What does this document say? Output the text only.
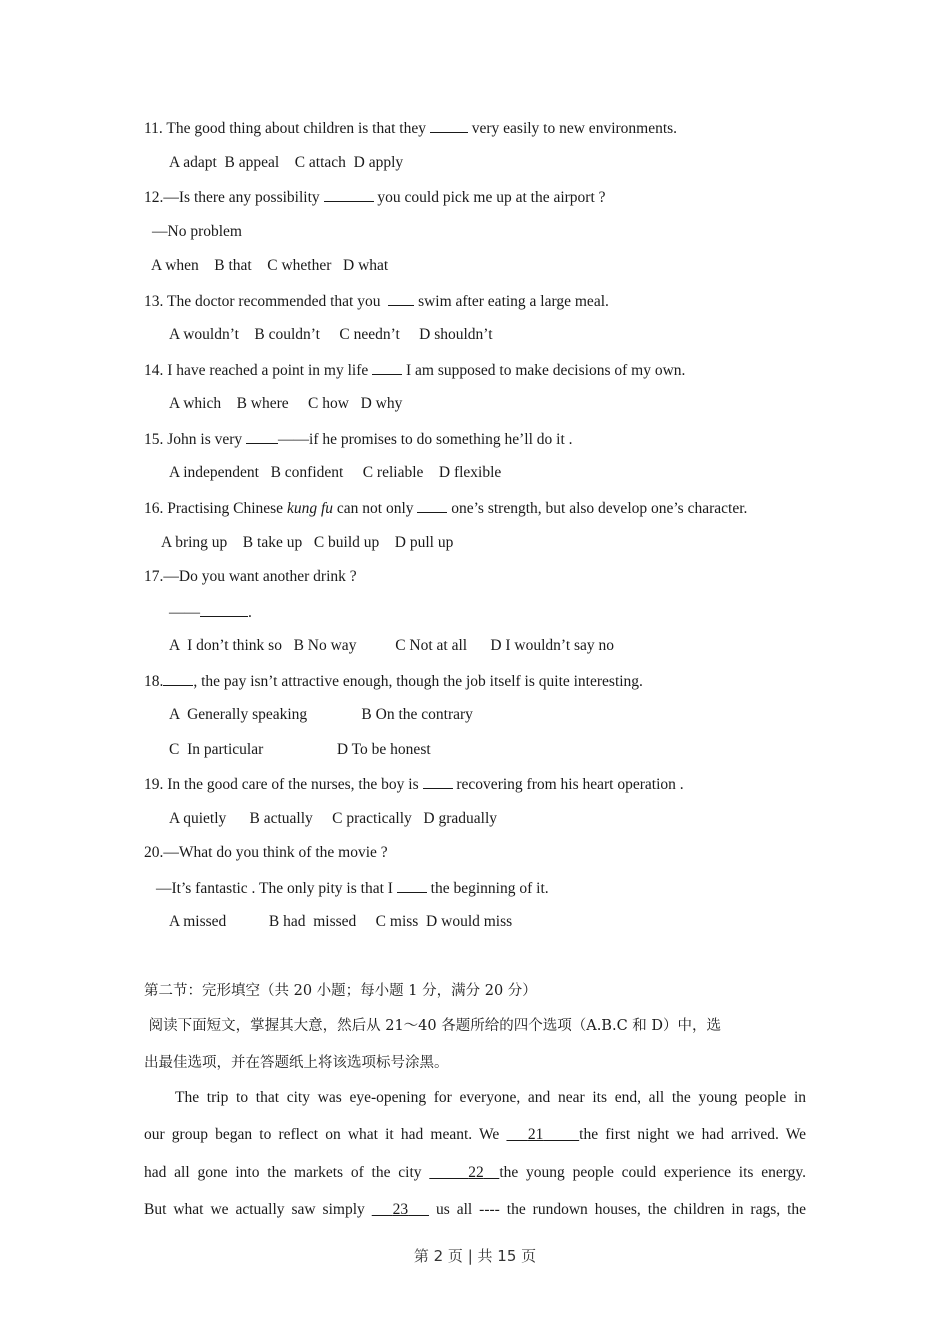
11. The good thing about children is that they  very easily to new environments.
A adapt  B appeal    C attach  D apply
12.—Is there any possibility	you could pick me up at the airport ?
—No problem
A when    B that    C whether   D what
13. The doctor recommended that you   swim after eating a large meal.
A wouldn’t    B couldn’t     C needn’t     D shouldn’t
14. I have reached a point in my life  I am supposed to make decisions of my own.
A which    B where     C how   D why
15. John is very ——if he promises to do something he’ll do it .
A independent   B confident     C reliable    D flexible
16. Practising Chinese kung fu can not only  one’s strength, but also develop one’s character.
A bring up    B take up   C build up    D pull up
17.—Do you want another drink ?
——	.
A  I don’t think so   B No way          C Not at all      D I wouldn’t say no
18. , the pay isn’t attractive enough, though the job itself is quite interesting.
A  Generally speaking              B On the contrary
C  In particular                   D To be honest
19. In the good care of the nurses, the boy is  recovering from his heart operation .
A quietly      B actually     C practically   D gradually
20.—What do you think of the movie ?
—It’s fantastic . The only pity is that I  the beginning of it.
A missed           B had  missed     C miss  D would miss
第二节：完形填空（共 20 小题；每小题 1 分，满分 20 分）
阅读下面短文，掌握其大意，然后从 21～40 各题所给的四个选项（A.B.C 和 D）中，选
出最佳选项，并在答题纸上将该选项标号涂黑。
The trip to that city was eye-opening for everyone, and near its end, all the young people in
our group began to reflect on what it had meant. We    21 the first night we had arrived. We
had all gone into the markets of the city	22 the young people could experience its energy.
But what we actually saw simply    23    us all ---- the rundown houses, the children in rags, the
第 2 页 | 共 15 页
